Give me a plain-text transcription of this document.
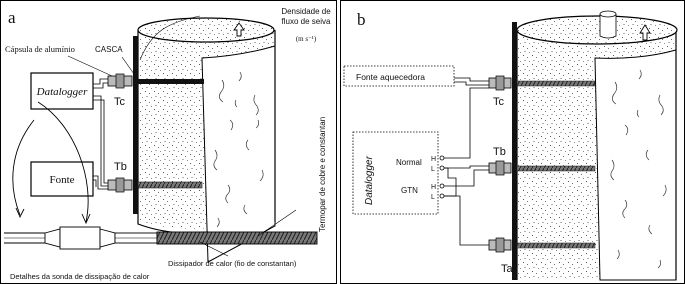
a
Datalogger
Fonte
Densidade de
fluxo de seiva
(m s⁻¹)
Cápsula de alumínio	CASCA
Tc
Tb	Termopar de cobre e constantan
Dissipador de calor (fio de constantan)
Detalhes da sonda de dissipação de calor
b
Fonte aquecedora
Datalogger	Normal
GTN
H
L
H
L
Tc
Tb
Ta
